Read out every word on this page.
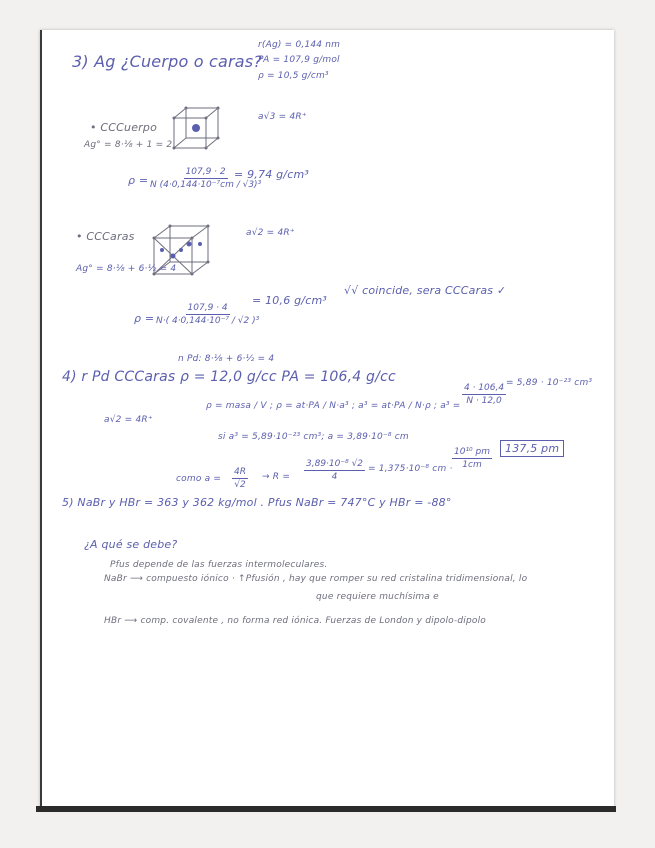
3) Ag ¿Cuerpo o caras?
r(Ag) = 0,144 nm
PA = 107,9 g/mol
ρ = 10,5 g/cm³
• CCCuerpo
Ag° = 8·⅛ + 1 = 2
a√3 = 4R⁺
$\rho = \frac{107,9 \cdot 2}{\text{N (4·0,144·10⁻⁷cm / √3)³}}$
= 9,74 g/cm³
• CCCaras	a√2 = 4R⁺
Ag° = 8·⅛ + 6·½ = 4
$\rho = \frac{107,9 \cdot 4}{\text{N·( 4·0,144·10⁻⁷ / √2 )³}}$
= 10,6 g/cm³
√√ coincide, sera CCCaras ✓
n Pd: 8·⅛ + 6·½ = 4
4) r Pd CCCaras ρ = 12,0 g/cc PA = 106,4 g/cc
a√2 = 4R⁺
ρ = masa / V ; ρ = at·PA / N·a³ ; a³ = at·PA / N·ρ ; $a^3 = \frac{4 \cdot 106,4}{N \cdot 12,0} = 5,89 \cdot 10^{-23}$ cm³
si a³ = 5,89·10⁻²³ cm³; a = 3,89·10⁻⁸ cm
como $a = \frac{4R}{√2} \to R = \frac{\text{3,89·10⁻⁸ √2}}{4} = 1,375\cdot 10^{-8}$ cm · $\frac{\text{10¹⁰ pm}}{1cm}$	137,5 pm
5) NaBr y HBr = 363 y 362 kg/mol . Pfus NaBr = 747°C y HBr = -88°
¿A qué se debe?
Pfus depende de las fuerzas intermoleculares.
NaBr ⟶ compuesto iónico · ↑Pfusión , hay que romper su red cristalina tridimensional, lo
que requiere muchísima e
HBr ⟶ comp. covalente , no forma red iónica. Fuerzas de London y dipolo-dipolo
